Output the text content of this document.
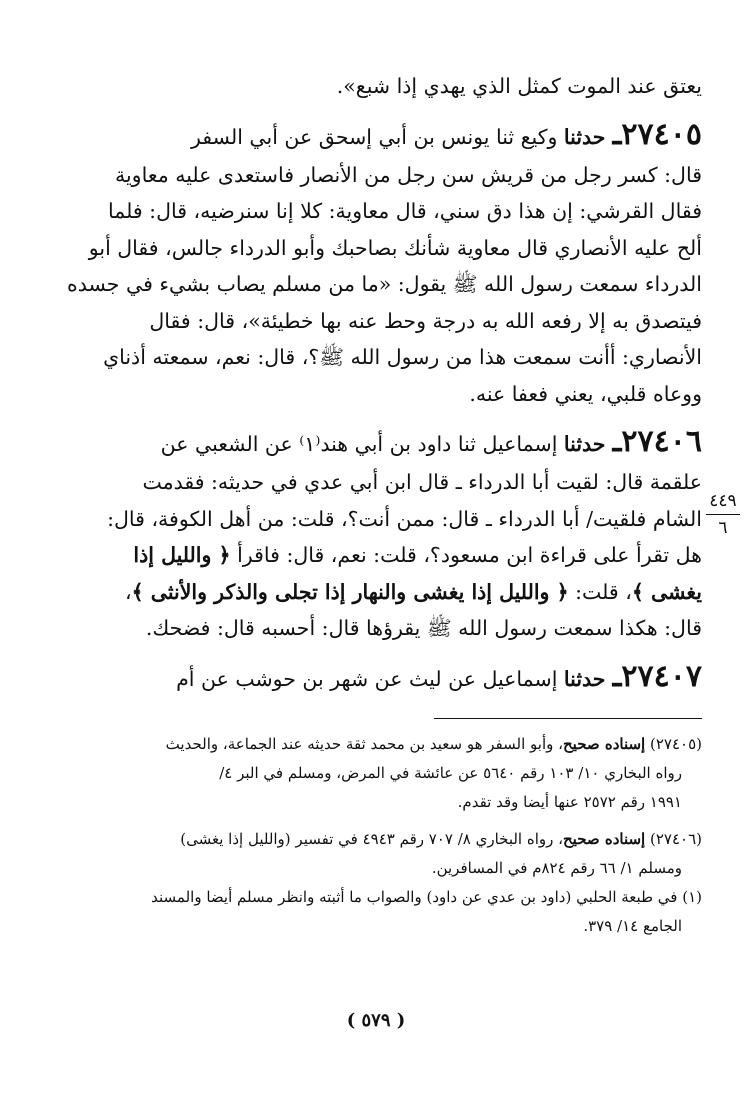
يعتق عند الموت كمثل الذي يهدي إذا شبع».
٢٧٤٠٥ـ حدثنا وكيع ثنا يونس بن أبي إسحق عن أبي السفر
قال: كسر رجل من قريش سن رجل من الأنصار فاستعدى عليه معاوية
فقال القرشي: إن هذا دق سني، قال معاوية: كلا إنا سنرضيه، قال: فلما
ألح عليه الأنصاري قال معاوية شأنك بصاحبك وأبو الدرداء جالس، فقال أبو
الدرداء سمعت رسول الله ﷺ يقول: «ما من مسلم يصاب بشيء في جسده
فيتصدق به إلا رفعه الله به درجة وحط عنه بها خطيئة»، قال: فقال
الأنصاري: أأنت سمعت هذا من رسول الله ﷺ؟، قال: نعم، سمعته أذناي
ووعاه قلبي، يعني فعفا عنه.
٢٧٤٠٦ـ حدثنا إسماعيل ثنا داود بن أبي هند⁽١⁾ عن الشعبي عن
علقمة قال: لقيت أبا الدرداء ـ قال ابن أبي عدي في حديثه: فقدمت
الشام فلقيت/ أبا الدرداء ـ قال: ممن أنت؟، قلت: من أهل الكوفة، قال:
هل تقرأ على قراءة ابن مسعود؟، قلت: نعم، قال: فاقرأ ﴿ والليل إذا
يغشى ﴾، قلت: ﴿ والليل إذا يغشى والنهار إذا تجلى والذكر والأنثى ﴾،
قال: هكذا سمعت رسول الله ﷺ يقرؤها قال: أحسبه قال: فضحك.
٢٧٤٠٧ـ حدثنا إسماعيل عن ليث عن شهر بن حوشب عن أم
٤٤٩
٦
(٢٧٤٠٥) إسناده صحيح، وأبو السفر هو سعيد بن محمد ثقة حديثه عند الجماعة، والحديث
رواه البخاري ١٠/ ١٠٣ رقم ٥٦٤٠ عن عائشة في المرض، ومسلم في البر ٤/
١٩٩١ رقم ٢٥٧٢ عنها أيضا وقد تقدم.
(٢٧٤٠٦) إسناده صحيح، رواه البخاري ٨/ ٧٠٧ رقم ٤٩٤٣ في تفسير (والليل إذا يغشى)
ومسلم ١/ ٦٦ رقم ٨٢٤م في المسافرين.
(١) في طبعة الحلبي (داود بن عدي عن داود) والصواب ما أثبته وانظر مسلم أيضا والمسند
الجامع ١٤/ ٣٧٩.
( ٥٧٩ )
